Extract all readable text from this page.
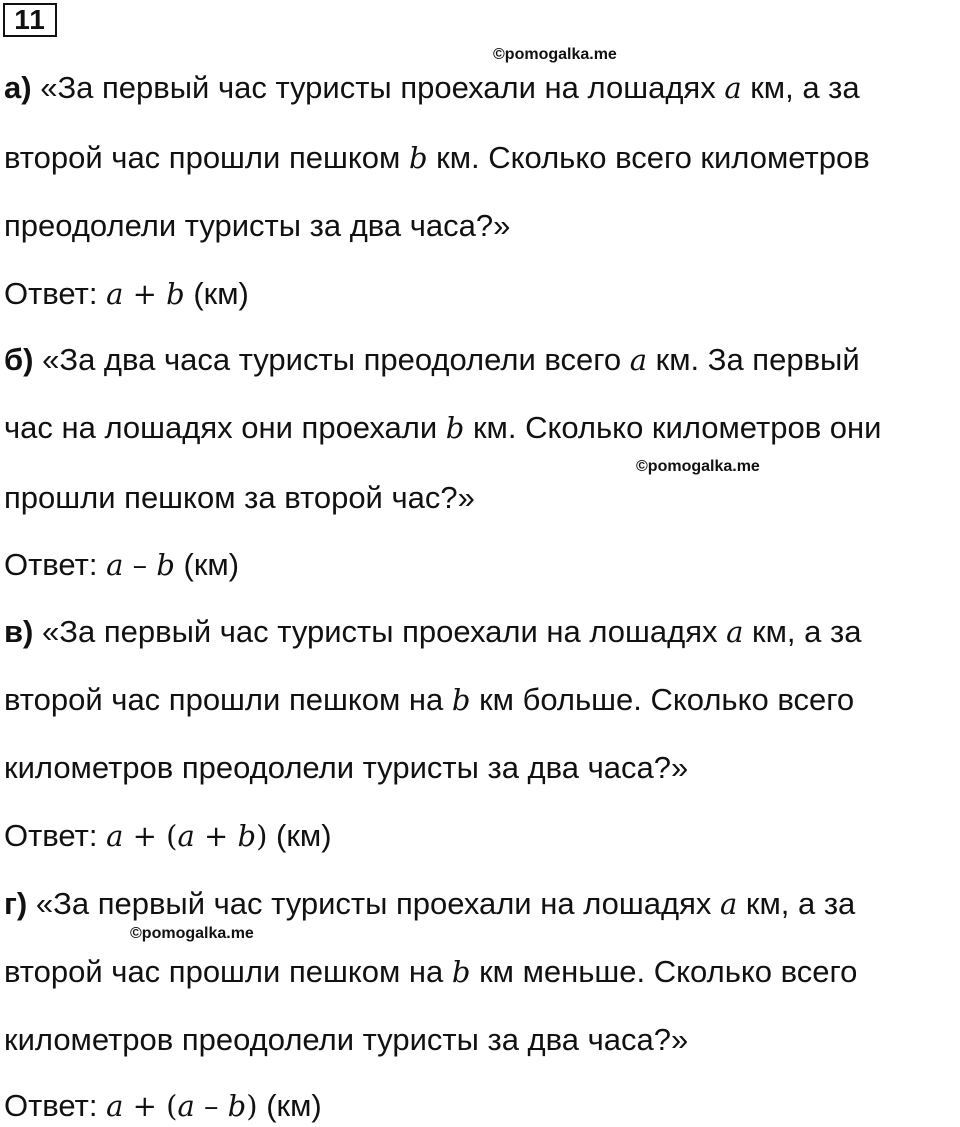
11
©pomogalka.me
©pomogalka.me
©pomogalka.me
а) «За первый час туристы проехали на лошадях a км, а за
второй час прошли пешком b км. Сколько всего километров
преодолели туристы за два часа?»
Ответ: a + b (км)
б) «За два часа туристы преодолели всего a км. За первый
час на лошадях они проехали b км. Сколько километров они
прошли пешком за второй час?»
Ответ: a – b (км)
в) «За первый час туристы проехали на лошадях a км, а за
второй час прошли пешком на b км больше. Сколько всего
километров преодолели туристы за два часа?»
Ответ: a + (a + b) (км)
г) «За первый час туристы проехали на лошадях a км, а за
второй час прошли пешком на b км меньше. Сколько всего
километров преодолели туристы за два часа?»
Ответ: a + (a – b) (км)
